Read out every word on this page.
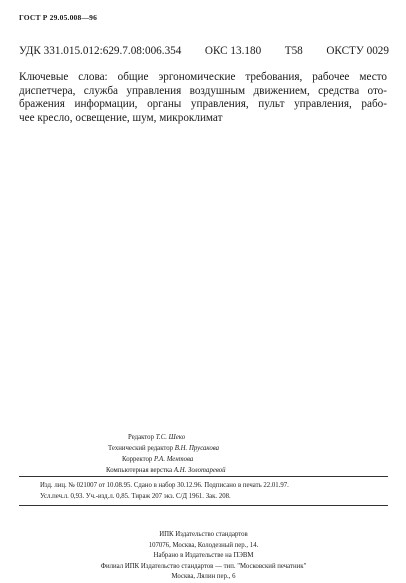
ГОСТ Р 29.05.008—96
УДК 331.015.012:629.7.08:006.354 ОКС 13.180 Т58 ОКСТУ 0029
Ключевые слова: общие эргономические требования, рабочее место
диспетчера, служба управления воздушным движением, средства ото-
бражения информации, органы управления, пульт управления, рабо-
чее кресло, освещение, шум, микроклимат
Редактор Т.С. Шеко
Технический редактор В.Н. Прусакова
Корректор Р.А. Ментова
Компьютерная верстка А.Н. Золотаревой
Изд. лиц. № 021007 от 10.08.95. Сдано в набор 30.12.96. Подписано в печать 22.01.97.
Усл.печ.л. 0,93. Уч.-изд.л. 0,85. Тираж 207 экз. С/Д 1961. Зак. 208.
ИПК Издательство стандартов
107076, Москва, Колодезный пер., 14.
Набрано в Издательстве на ПЭВМ
Филиал ИПК Издательство стандартов — тип. "Московский печатник"
Москва, Лялин пер., 6
